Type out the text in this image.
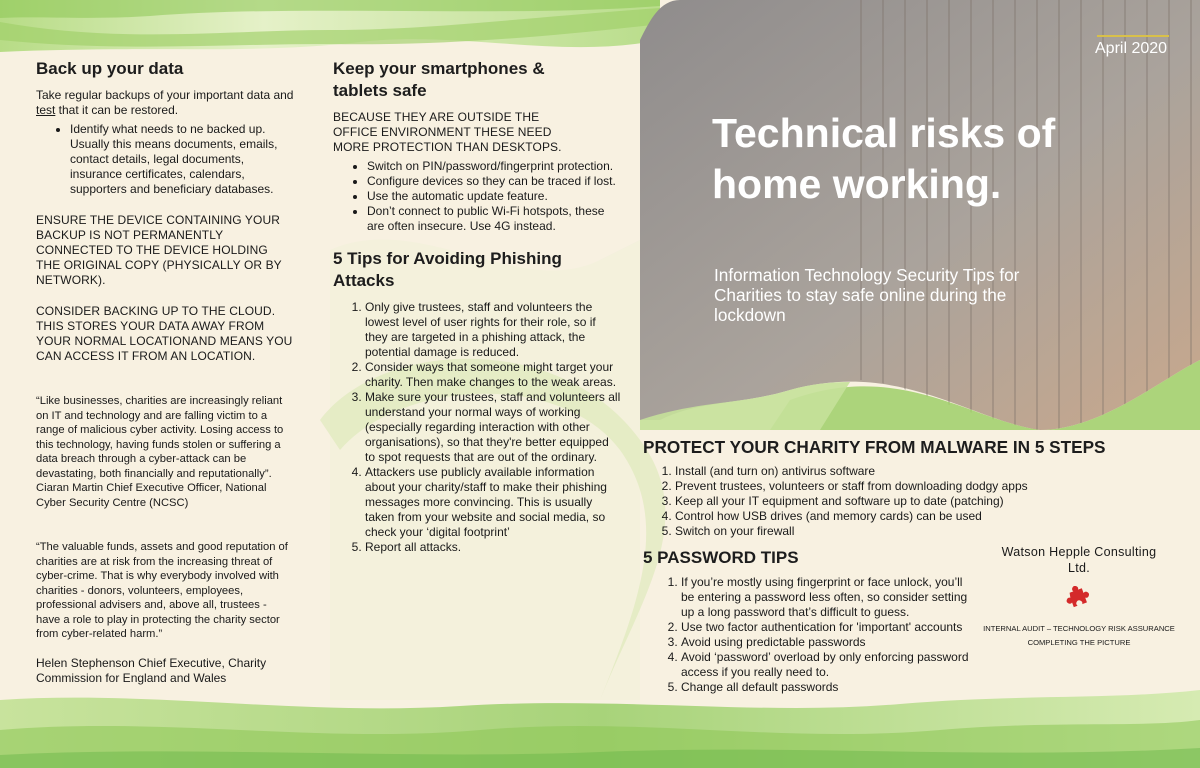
April 2020
Technical risks of home working.
Information Technology Security Tips for Charities to stay safe online during the lockdown
Back up your data

Take regular backups of your important data and test that it can be restored.

• Identify what needs to ne backed up. Usually this means documents, emails, contact details, legal documents, insurance certificates, calendars, supporters and beneficiary databases.

ENSURE THE DEVICE CONTAINING YOUR BACKUP IS NOT PERMANENTLY CONNECTED TO THE DEVICE HOLDING THE ORIGINAL COPY (PHYSICALLY OR BY NETWORK).

CONSIDER BACKING UP TO THE CLOUD. THIS STORES YOUR DATA AWAY FROM YOUR NORMAL LOCATIONAND MEANS YOU CAN ACCESS IT FROM AN LOCATION.

“Like businesses, charities are increasingly reliant on IT and technology and are falling victim to a range of malicious cyber activity. Losing access to this technology, having funds stolen or suffering a data breach through a cyber-attack can be devastating, both financially and reputationally”.

Ciaran Martin Chief Executive Officer, National Cyber Security Centre (NCSC)

“The valuable funds, assets and good reputation of charities are at risk from the increasing threat of cyber-crime. That is why everybody involved with charities - donors, volunteers, employees, professional advisers and, above all, trustees - have a role to play in protecting the charity sector from cyber-related harm.”

Helen Stephenson Chief Executive, Charity Commission for England and Wales

Keep your smartphones & tablets safe

BECAUSE THEY ARE OUTSIDE THE OFFICE ENVIRONMENT THESE NEED MORE PROTECTION THAN DESKTOPS.

• Switch on PIN/password/fingerprint protection.
• Configure devices so they can be traced if lost.
• Use the automatic update feature.
• Don’t connect to public Wi-Fi hotspots, these are often insecure. Use 4G instead.
5 Tips for Avoiding Phishing Attacks
1. Only give trustees, staff and volunteers the lowest level of user rights for their role, so if they are targeted in a phishing attack, the potential damage is reduced.
2. Consider ways that someone might target your charity. Then make changes to the weak areas.
3. Make sure your trustees, staff and volunteers all understand your normal ways of working (especially regarding interaction with other organisations), so that they're better equipped to spot requests that are out of the ordinary.
4. Attackers use publicly available information about your charity/staff to make their phishing messages more convincing. This is usually taken from your website and social media, so check your ‘digital footprint’
5. Report all attacks.
PROTECT YOUR CHARITY FROM MALWARE IN 5 STEPS
1. Install (and turn on) antivirus software
2. Prevent trustees, volunteers or staff from downloading dodgy apps
3. Keep all your IT equipment and software up to date (patching)
4. Control how USB drives (and memory cards) can be used
5. Switch on your firewall
5 PASSWORD TIPS
1. If you’re mostly using fingerprint or face unlock, you’ll be entering a password less often, so consider setting up a long password that’s difficult to guess.
2. Use two factor authentication for 'important' accounts
3. Avoid using predictable passwords
4. Avoid ‘password’ overload by only enforcing password access if you really need to.
5. Change all default passwords
Watson Hepple Consulting
Ltd.
INTERNAL AUDIT – TECHNOLOGY RISK ASSURANCE
COMPLETING THE PICTURE
